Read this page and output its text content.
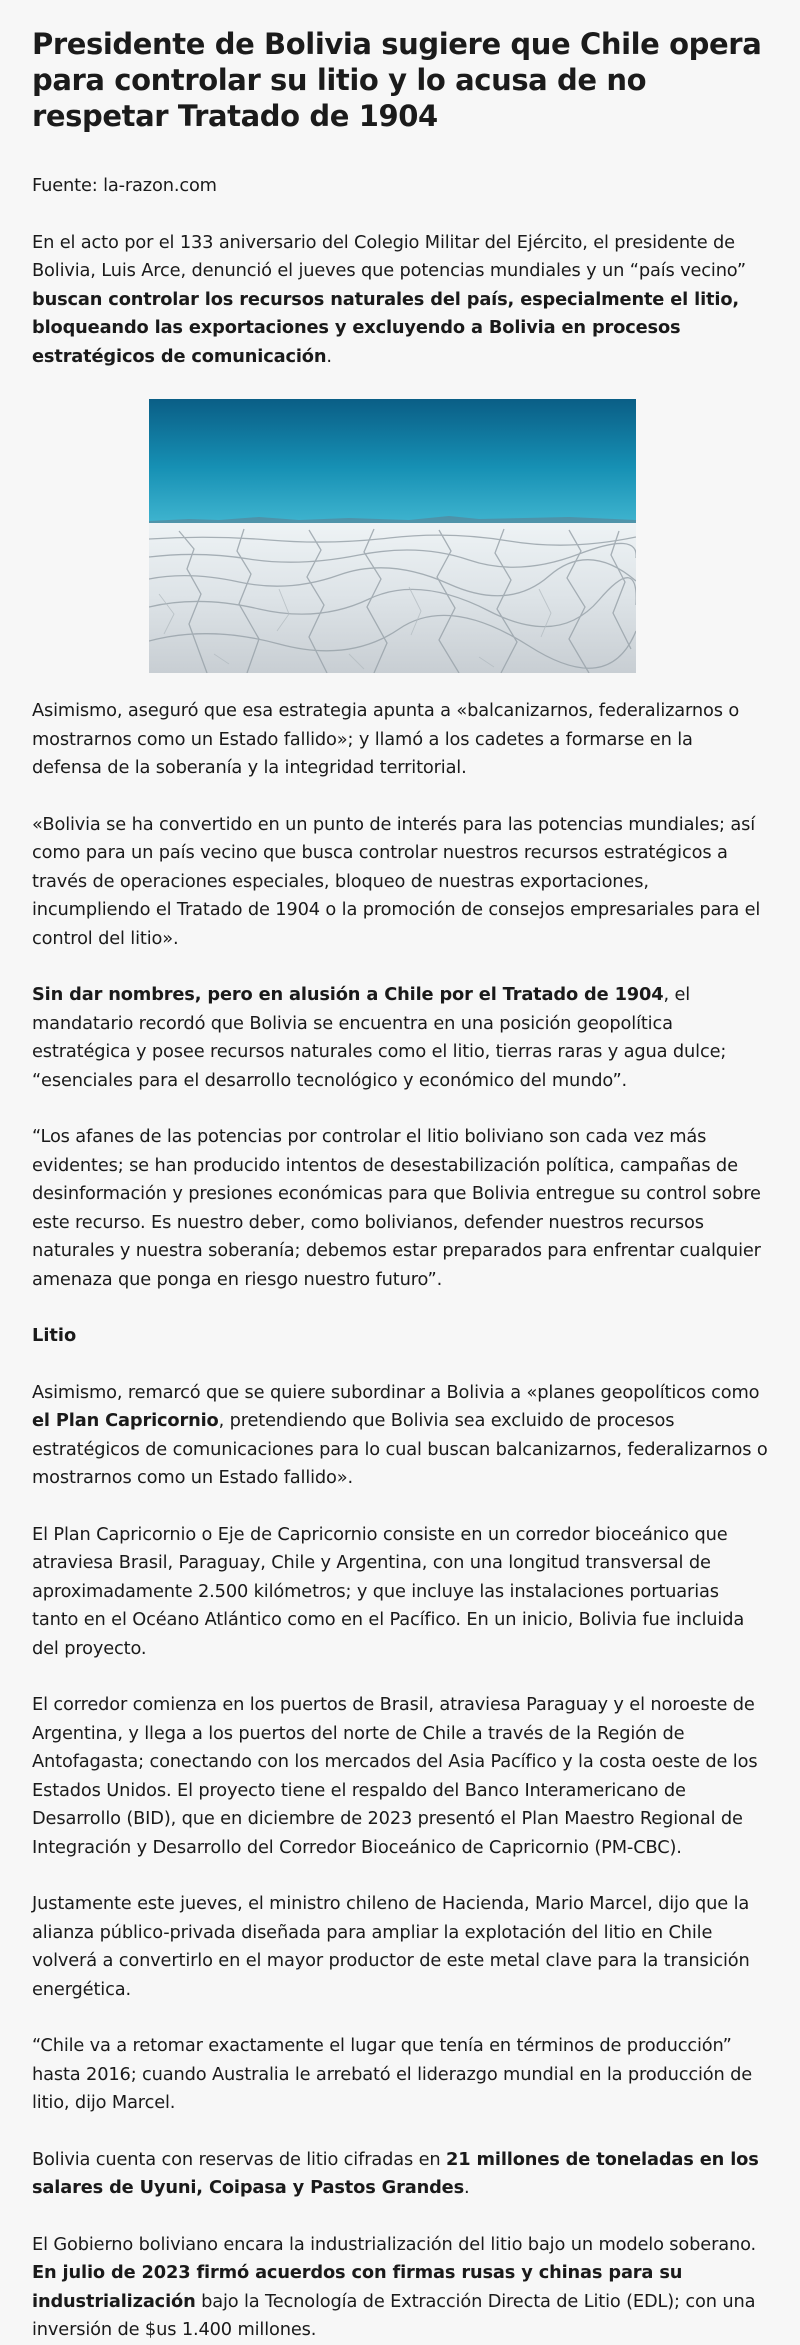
Presidente de Bolivia sugiere que Chile opera para controlar su litio y lo acusa de no respetar Tratado de 1904

Fuente: la-razon.com

En el acto por el 133 aniversario del Colegio Militar del Ejército, el presidente de Bolivia, Luis Arce, denunció el jueves que potencias mundiales y un “país vecino” buscan controlar los recursos naturales del país, especialmente el litio, bloqueando las exportaciones y excluyendo a Bolivia en procesos estratégicos de comunicación.

Asimismo, aseguró que esa estrategia apunta a «balcanizarnos, federalizarnos o mostrarnos como un Estado fallido»; y llamó a los cadetes a formarse en la defensa de la soberanía y la integridad territorial.

«Bolivia se ha convertido en un punto de interés para las potencias mundiales; así como para un país vecino que busca controlar nuestros recursos estratégicos a través de operaciones especiales, bloqueo de nuestras exportaciones, incumpliendo el Tratado de 1904 o la promoción de consejos empresariales para el control del litio».

Sin dar nombres, pero en alusión a Chile por el Tratado de 1904, el mandatario recordó que Bolivia se encuentra en una posición geopolítica estratégica y posee recursos naturales como el litio, tierras raras y agua dulce; “esenciales para el desarrollo tecnológico y económico del mundo”.

“Los afanes de las potencias por controlar el litio boliviano son cada vez más evidentes; se han producido intentos de desestabilización política, campañas de desinformación y presiones económicas para que Bolivia entregue su control sobre este recurso. Es nuestro deber, como bolivianos, defender nuestros recursos naturales y nuestra soberanía; debemos estar preparados para enfrentar cualquier amenaza que ponga en riesgo nuestro futuro”.

Litio

Asimismo, remarcó que se quiere subordinar a Bolivia a «planes geopolíticos como el Plan Capricornio, pretendiendo que Bolivia sea excluido de procesos estratégicos de comunicaciones para lo cual buscan balcanizarnos, federalizarnos o mostrarnos como un Estado fallido».

El Plan Capricornio o Eje de Capricornio consiste en un corredor bioceánico que atraviesa Brasil, Paraguay, Chile y Argentina, con una longitud transversal de aproximadamente 2.500 kilómetros; y que incluye las instalaciones portuarias tanto en el Océano Atlántico como en el Pacífico. En un inicio, Bolivia fue incluida del proyecto.

El corredor comienza en los puertos de Brasil, atraviesa Paraguay y el noroeste de Argentina, y llega a los puertos del norte de Chile a través de la Región de Antofagasta; conectando con los mercados del Asia Pacífico y la costa oeste de los Estados Unidos. El proyecto tiene el respaldo del Banco Interamericano de Desarrollo (BID), que en diciembre de 2023 presentó el Plan Maestro Regional de Integración y Desarrollo del Corredor Bioceánico de Capricornio (PM-CBC).

Justamente este jueves, el ministro chileno de Hacienda, Mario Marcel, dijo que la alianza público-privada diseñada para ampliar la explotación del litio en Chile volverá a convertirlo en el mayor productor de este metal clave para la transición energética.

“Chile va a retomar exactamente el lugar que tenía en términos de producción” hasta 2016; cuando Australia le arrebató el liderazgo mundial en la producción de litio, dijo Marcel.

Bolivia cuenta con reservas de litio cifradas en 21 millones de toneladas en los salares de Uyuni, Coipasa y Pastos Grandes.

El Gobierno boliviano encara la industrialización del litio bajo un modelo soberano. En julio de 2023 firmó acuerdos con firmas rusas y chinas para su industrialización bajo la Tecnología de Extracción Directa de Litio (EDL); con una inversión de $us 1.400 millones.
